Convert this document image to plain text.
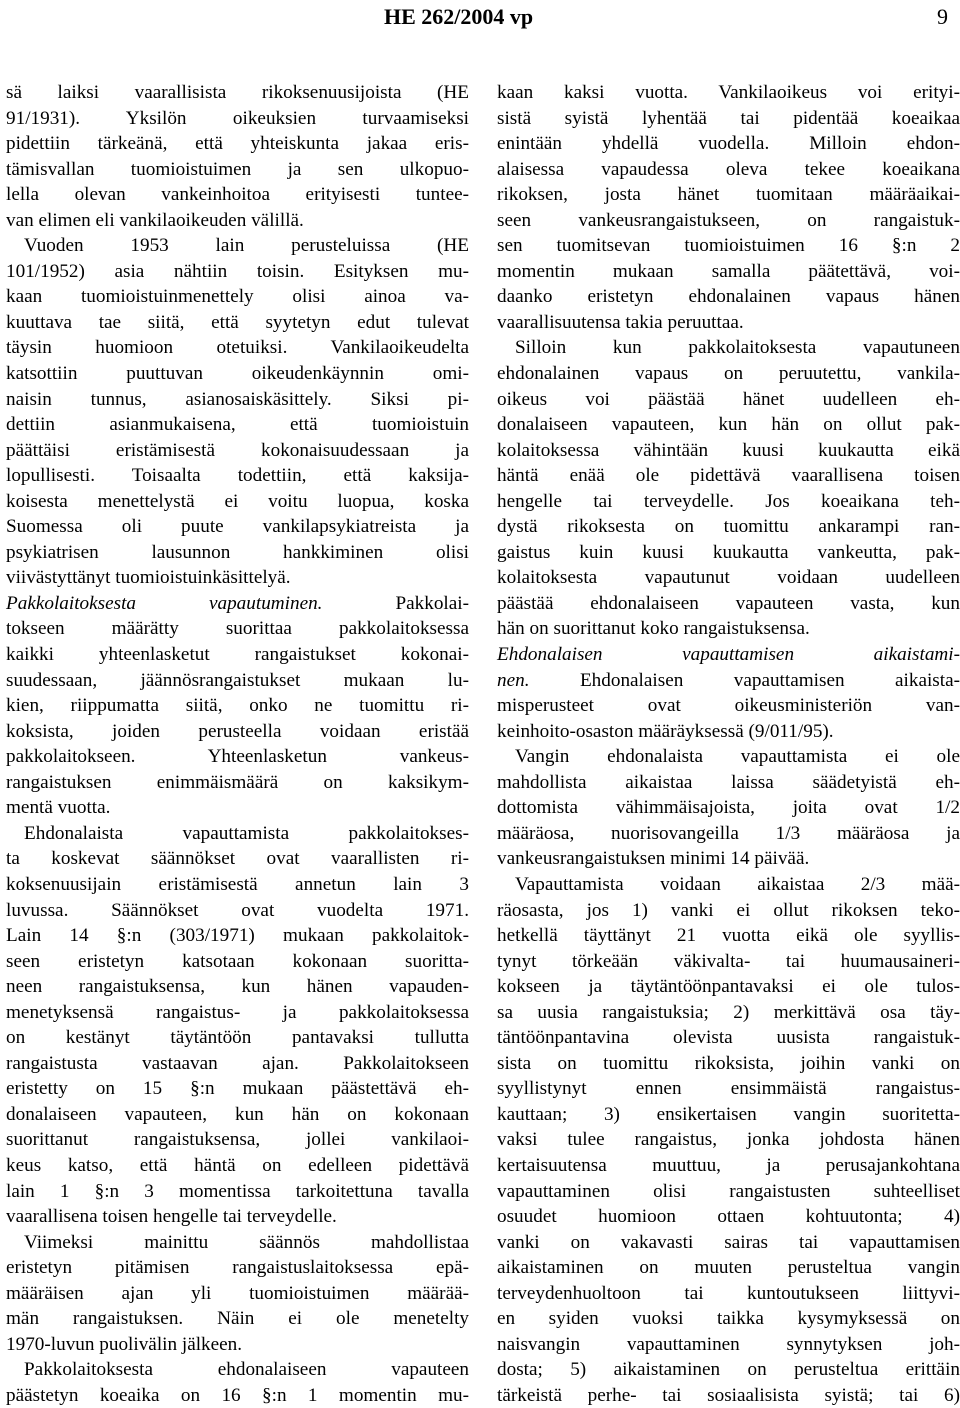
HE 262/2004 vp	9
sä laiksi vaarallisista rikoksenuusijoista (HE
91/1931). Yksilön oikeuksien turvaamiseksi
pidettiin tärkeänä, että yhteiskunta jakaa eris-
tämisvallan tuomioistuimen ja sen ulkopuo-
lella olevan vankeinhoitoa erityisesti tuntee-
van elimen eli vankilaoikeuden välillä.
Vuoden 1953 lain perusteluissa (HE
101/1952) asia nähtiin toisin. Esityksen mu-
kaan tuomioistuinmenettely olisi ainoa va-
kuuttava tae siitä, että syytetyn edut tulevat
täysin huomioon otetuiksi. Vankilaoikeudelta
katsottiin puuttuvan oikeudenkäynnin omi-
naisin tunnus, asianosaiskäsittely. Siksi pi-
dettiin asianmukaisena, että tuomioistuin
päättäisi eristämisestä kokonaisuudessaan ja
lopullisesti. Toisaalta todettiin, että kaksija-
koisesta menettelystä ei voitu luopua, koska
Suomessa oli puute vankilapsykiatreista ja
psykiatrisen lausunnon hankkiminen olisi
viivästyttänyt tuomioistuinkäsittelyä.
Pakkolaitoksesta vapautuminen. Pakkolai-
tokseen määrätty suorittaa pakkolaitoksessa
kaikki yhteenlasketut rangaistukset kokonai-
suudessaan, jäännösrangaistukset mukaan lu-
kien, riippumatta siitä, onko ne tuomittu ri-
koksista, joiden perusteella voidaan eristää
pakkolaitokseen. Yhteenlasketun vankeus-
rangaistuksen enimmäismäärä on kaksikym-
mentä vuotta.
Ehdonalaista vapauttamista pakkolaitokses-
ta koskevat säännökset ovat vaarallisten ri-
koksenuusijain eristämisestä annetun lain 3
luvussa. Säännökset ovat vuodelta 1971.
Lain 14 §:n (303/1971) mukaan pakkolaitok-
seen eristetyn katsotaan kokonaan suoritta-
neen rangaistuksensa, kun hänen vapauden-
menetyksensä rangaistus- ja pakkolaitoksessa
on kestänyt täytäntöön pantavaksi tullutta
rangaistusta vastaavan ajan. Pakkolaitokseen
eristetty on 15 §:n mukaan päästettävä eh-
donalaiseen vapauteen, kun hän on kokonaan
suorittanut rangaistuksensa, jollei vankilaoi-
keus katso, että häntä on edelleen pidettävä
lain 1 §:n 3 momentissa tarkoitettuna tavalla
vaarallisena toisen hengelle tai terveydelle.
Viimeksi mainittu säännös mahdollistaa
eristetyn pitämisen rangaistuslaitoksessa epä-
määräisen ajan yli tuomioistuimen määrää-
män rangaistuksen. Näin ei ole menetelty
1970-luvun puolivälin jälkeen.
Pakkolaitoksesta ehdonalaiseen vapauteen
päästetyn koeaika on 16 §:n 1 momentin mu-
kaan kaksi vuotta. Vankilaoikeus voi erityi-
sistä syistä lyhentää tai pidentää koeaikaa
enintään yhdellä vuodella. Milloin ehdon-
alaisessa vapaudessa oleva tekee koeaikana
rikoksen, josta hänet tuomitaan määräaikai-
seen vankeusrangaistukseen, on rangaistuk-
sen tuomitsevan tuomioistuimen 16 §:n 2
momentin mukaan samalla päätettävä, voi-
daanko eristetyn ehdonalainen vapaus hänen
vaarallisuutensa takia peruuttaa.
Silloin kun pakkolaitoksesta vapautuneen
ehdonalainen vapaus on peruutettu, vankila-
oikeus voi päästää hänet uudelleen eh-
donalaiseen vapauteen, kun hän on ollut pak-
kolaitoksessa vähintään kuusi kuukautta eikä
häntä enää ole pidettävä vaarallisena toisen
hengelle tai terveydelle. Jos koeaikana teh-
dystä rikoksesta on tuomittu ankarampi ran-
gaistus kuin kuusi kuukautta vankeutta, pak-
kolaitoksesta vapautunut voidaan uudelleen
päästää ehdonalaiseen vapauteen vasta, kun
hän on suorittanut koko rangaistuksensa.
Ehdonalaisen vapauttamisen aikaistami-
nen. Ehdonalaisen vapauttamisen aikaista-
misperusteet ovat oikeusministeriön van-
keinhoito-osaston määräyksessä (9/011/95).
Vangin ehdonalaista vapauttamista ei ole
mahdollista aikaistaa laissa säädetyistä eh-
dottomista vähimmäisajoista, joita ovat 1/2
määräosa, nuorisovangeilla 1/3 määräosa ja
vankeusrangaistuksen minimi 14 päivää.
Vapauttamista voidaan aikaistaa 2/3 mää-
räosasta, jos 1) vanki ei ollut rikoksen teko-
hetkellä täyttänyt 21 vuotta eikä ole syyllis-
tynyt törkeään väkivalta- tai huumausaineri-
kokseen ja täytäntöönpantavaksi ei ole tulos-
sa uusia rangaistuksia; 2) merkittävä osa täy-
täntöönpantavina olevista uusista rangaistuk-
sista on tuomittu rikoksista, joihin vanki on
syyllistynyt ennen ensimmäistä rangaistus-
kauttaan; 3) ensikertaisen vangin suoritetta-
vaksi tulee rangaistus, jonka johdosta hänen
kertaisuutensa muuttuu, ja perusajankohtana
vapauttaminen olisi rangaistusten suhteelliset
osuudet huomioon ottaen kohtuutonta; 4)
vanki on vakavasti sairas tai vapauttamisen
aikaistaminen on muuten perusteltua vangin
terveydenhuoltoon tai kuntoutukseen liittyvi-
en syiden vuoksi taikka kysymyksessä on
naisvangin vapauttaminen synnytyksen joh-
dosta; 5) aikaistaminen on perusteltua erittäin
tärkeistä perhe- tai sosiaalisista syistä; tai 6)
